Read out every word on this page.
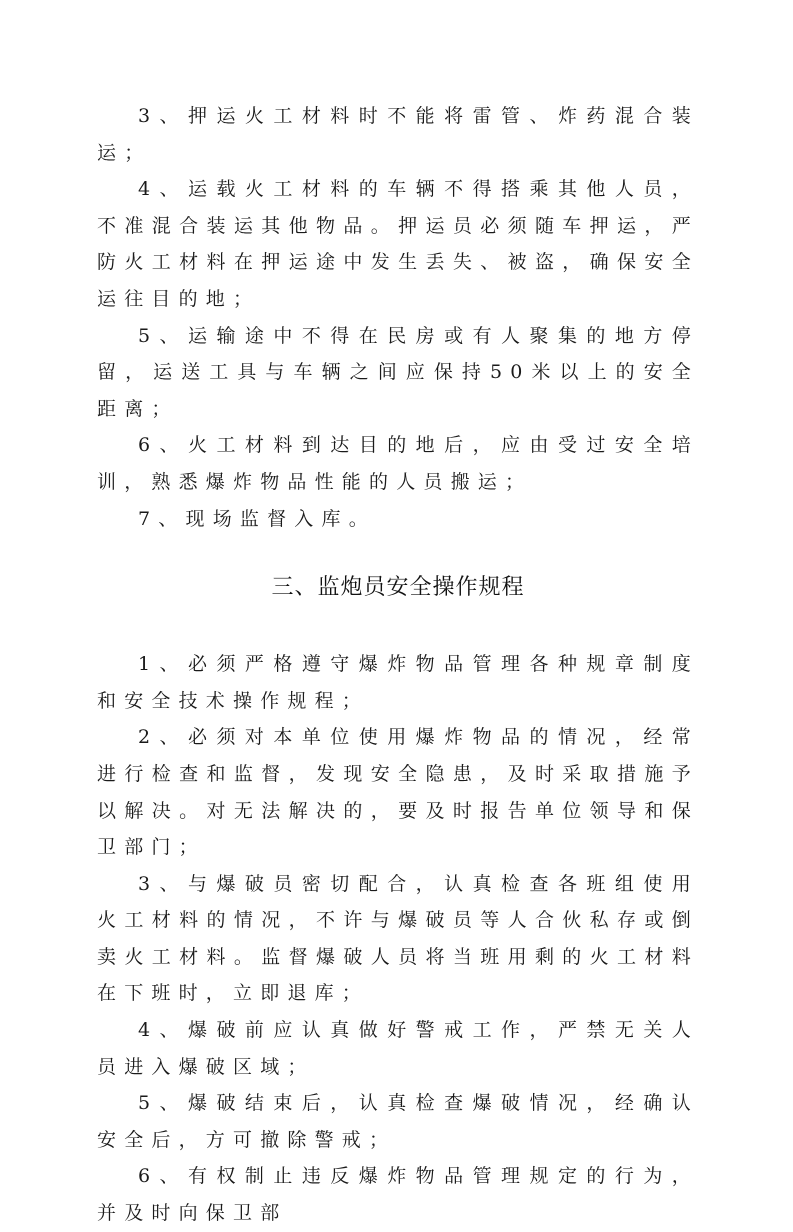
3、押运火工材料时不能将雷管、炸药混合装运；

4、运载火工材料的车辆不得搭乘其他人员，不准混合装运其他物品。押运员必须随车押运，严防火工材料在押运途中发生丢失、被盗，确保安全运往目的地；

5、运输途中不得在民房或有人聚集的地方停留，运送工具与车辆之间应保持50米以上的安全距离；

6、火工材料到达目的地后，应由受过安全培训，熟悉爆炸物品性能的人员搬运；

7、现场监督入库。

三、监炮员安全操作规程

1、必须严格遵守爆炸物品管理各种规章制度和安全技术操作规程；

2、必须对本单位使用爆炸物品的情况，经常进行检查和监督，发现安全隐患，及时采取措施予以解决。对无法解决的，要及时报告单位领导和保卫部门；

3、与爆破员密切配合，认真检查各班组使用火工材料的情况，不许与爆破员等人合伙私存或倒卖火工材料。监督爆破人员将当班用剩的火工材料在下班时，立即退库；

4、爆破前应认真做好警戒工作，严禁无关人员进入爆破区域；

5、爆破结束后，认真检查爆破情况，经确认安全后，方可撤除警戒；

6、有权制止违反爆炸物品管理规定的行为，并及时向保卫部
